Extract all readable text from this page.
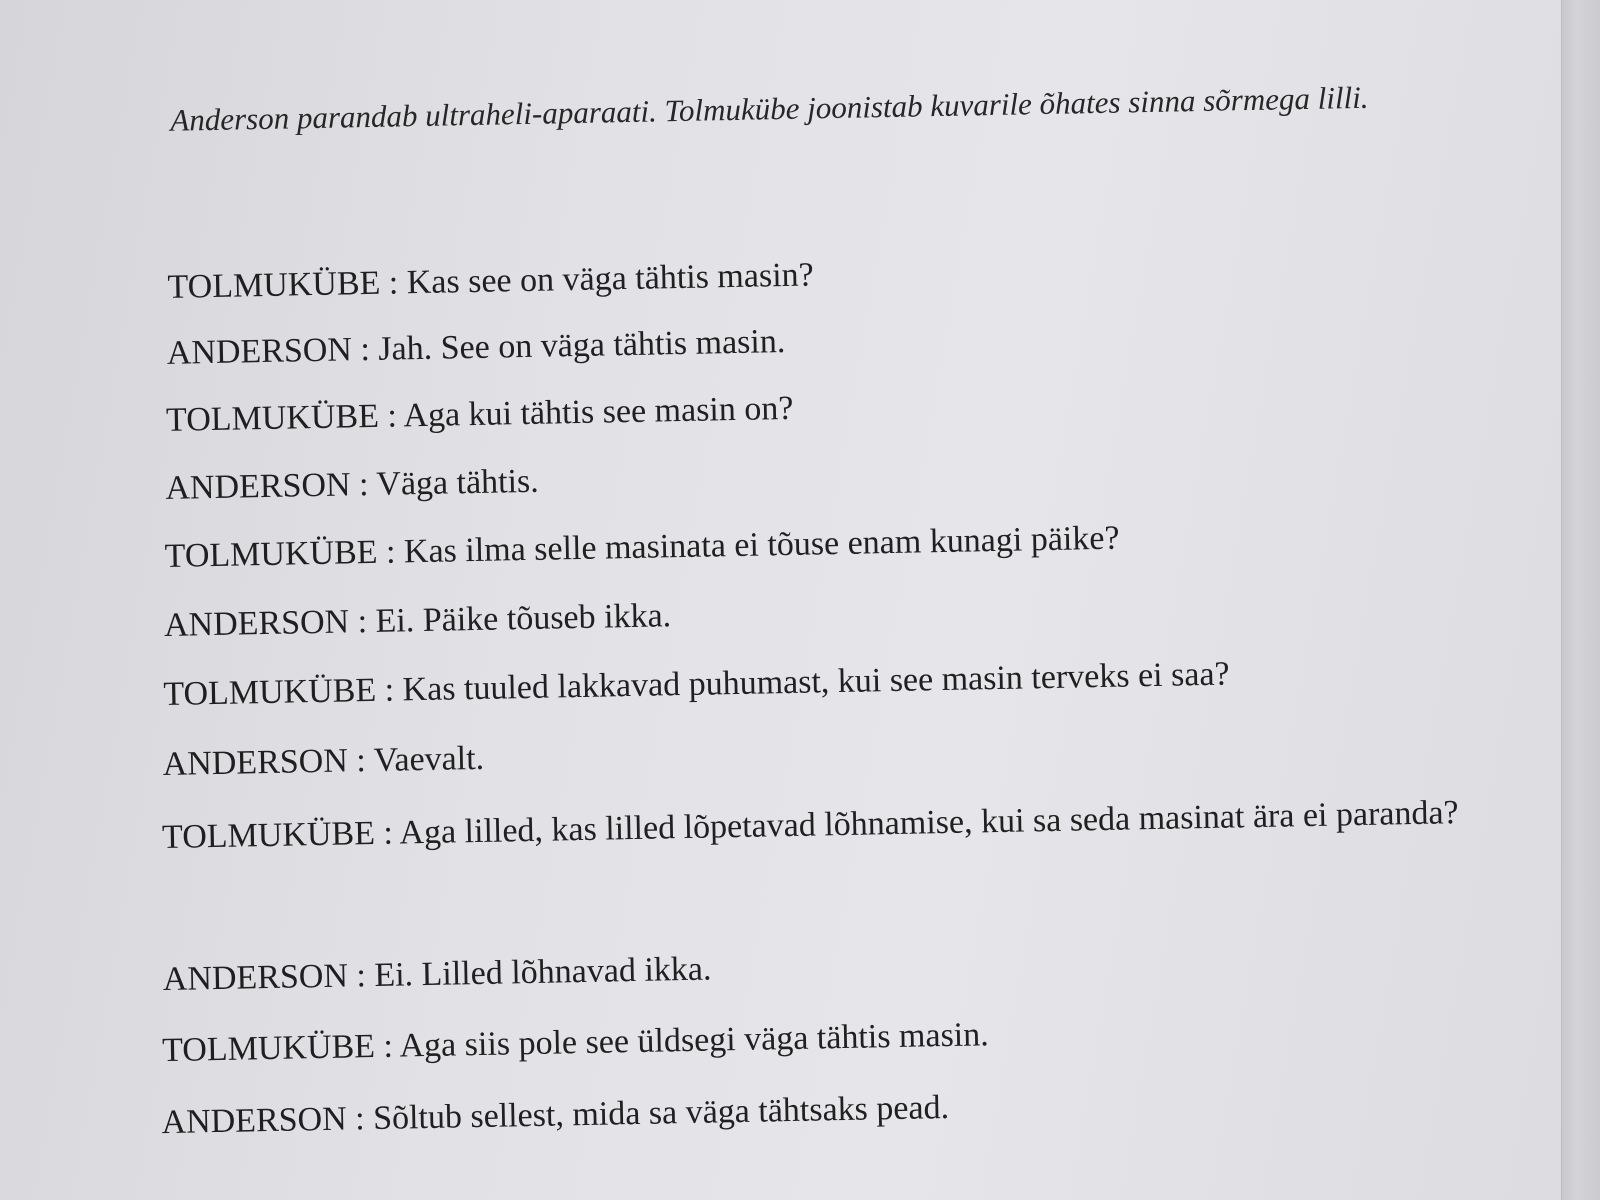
Anderson parandab ultraheli-aparaati. Tolmukübe joonistab kuvarile õhates sinna sõrmega lilli.

TOLMUKÜBE : Kas see on väga tähtis masin?

ANDERSON : Jah. See on väga tähtis masin.

TOLMUKÜBE : Aga kui tähtis see masin on?

ANDERSON : Väga tähtis.

TOLMUKÜBE : Kas ilma selle masinata ei tõuse enam kunagi päike?

ANDERSON : Ei. Päike tõuseb ikka.

TOLMUKÜBE : Kas tuuled lakkavad puhumast, kui see masin terveks ei saa?

ANDERSON : Vaevalt.

TOLMUKÜBE : Aga lilled, kas lilled lõpetavad lõhnamise, kui sa seda masinat ära ei paranda?

ANDERSON : Ei. Lilled lõhnavad ikka.

TOLMUKÜBE : Aga siis pole see üldsegi väga tähtis masin.

ANDERSON : Sõltub sellest, mida sa väga tähtsaks pead.
